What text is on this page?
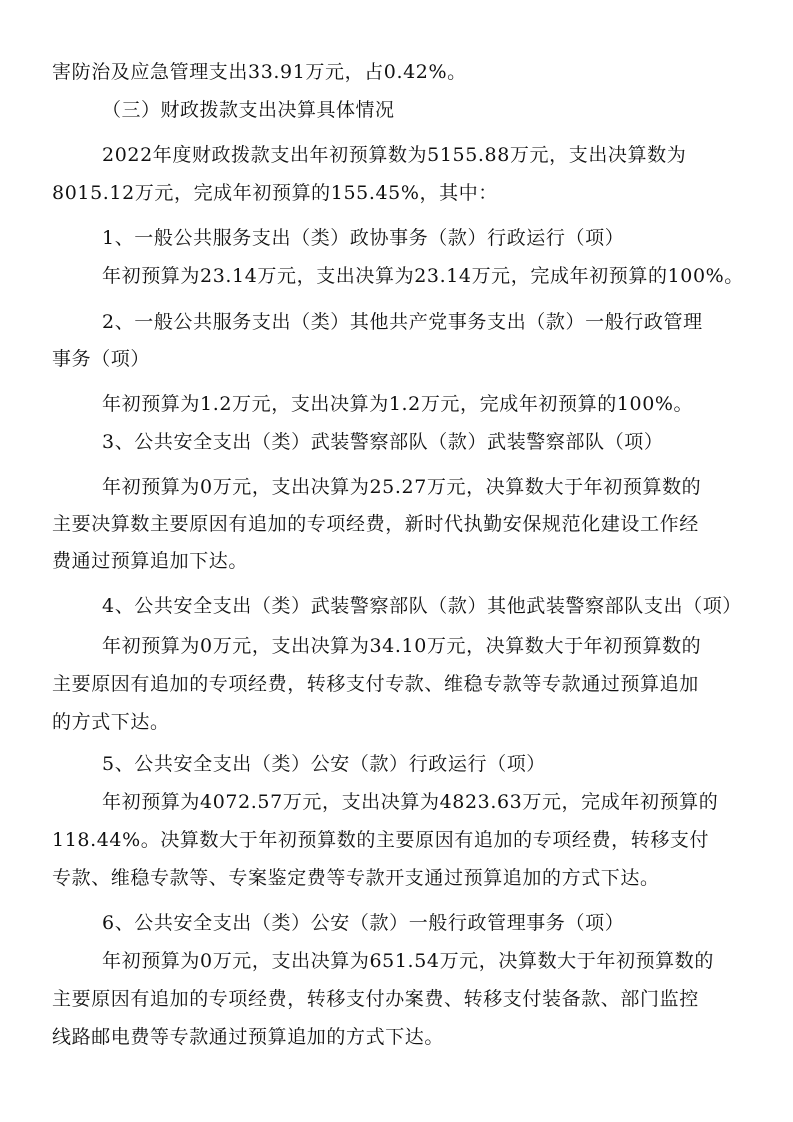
害防治及应急管理支出33.91万元，占0.42%。
（三）财政拨款支出决算具体情况
2022年度财政拨款支出年初预算数为5155.88万元，支出决算数为
8015.12万元，完成年初预算的155.45%，其中：
1、一般公共服务支出（类）政协事务（款）行政运行（项）
年初预算为23.14万元，支出决算为23.14万元，完成年初预算的100%。
2、一般公共服务支出（类）其他共产党事务支出（款）一般行政管理
事务（项）
年初预算为1.2万元，支出决算为1.2万元，完成年初预算的100%。
3、公共安全支出（类）武装警察部队（款）武装警察部队（项）
年初预算为0万元，支出决算为25.27万元，决算数大于年初预算数的
主要决算数主要原因有追加的专项经费，新时代执勤安保规范化建设工作经
费通过预算追加下达。
4、公共安全支出（类）武装警察部队（款）其他武装警察部队支出（项）
年初预算为0万元，支出决算为34.10万元，决算数大于年初预算数的
主要原因有追加的专项经费，转移支付专款、维稳专款等专款通过预算追加
的方式下达。
5、公共安全支出（类）公安（款）行政运行（项）
年初预算为4072.57万元，支出决算为4823.63万元，完成年初预算的
118.44%。决算数大于年初预算数的主要原因有追加的专项经费，转移支付
专款、维稳专款等、专案鉴定费等专款开支通过预算追加的方式下达。
6、公共安全支出（类）公安（款）一般行政管理事务（项）
年初预算为0万元，支出决算为651.54万元，决算数大于年初预算数的
主要原因有追加的专项经费，转移支付办案费、转移支付装备款、部门监控
线路邮电费等专款通过预算追加的方式下达。
